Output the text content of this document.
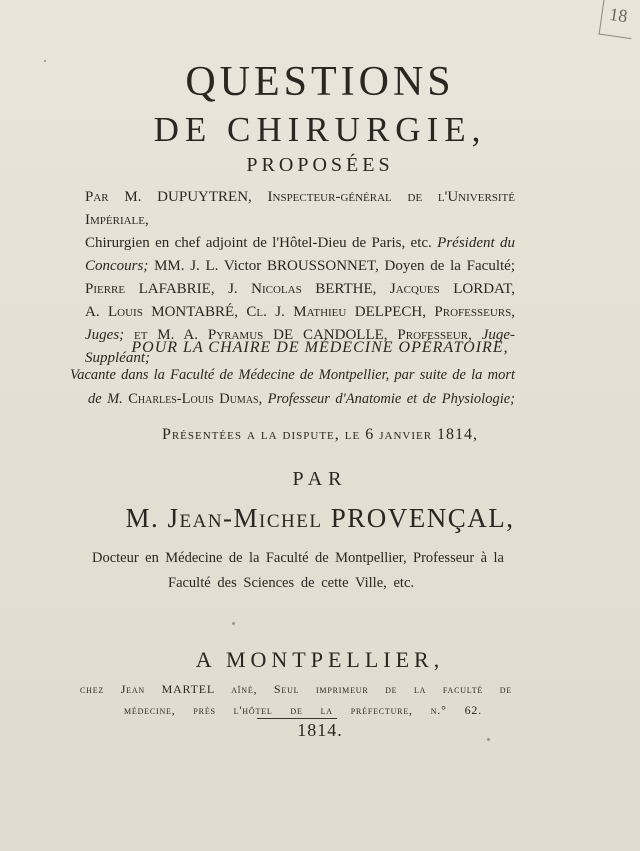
18
QUESTIONS
DE CHIRURGIE,
PROPOSÉES
Par M. DUPUYTREN, Inspecteur-général de l'Université Impériale,
Chirurgien en chef adjoint de l'Hôtel-Dieu de Paris, etc. Président du
Concours; MM. J. L. Victor BROUSSONNET, Doyen de la Faculté;
Pierre LAFABRIE, J. Nicolas BERTHE, Jacques LORDAT,
A. Louis MONTABRÉ, Cl. J. Mathieu DELPECH, Professeurs,
Juges; et M. A. Pyramus DE CANDOLLE, Professeur, Juge-Suppléant;
POUR LA CHAIRE DE MÉDECINE OPÉRATOIRE,
Vacante dans la Faculté de Médecine de Montpellier, par suite de la mort
de M. Charles-Louis Dumas, Professeur d'Anatomie et de Physiologie;
Présentées a la dispute, le 6 janvier 1814,
PAR
M. Jean-Michel PROVENÇAL,
Docteur en Médecine de la Faculté de Montpellier, Professeur à la
Faculté des Sciences de cette Ville, etc.
A MONTPELLIER,
chez Jean MARTEL aîné, Seul imprimeur de la faculté de
médecine, près l'hôtel de la préfecture, n.° 62.
1814.
